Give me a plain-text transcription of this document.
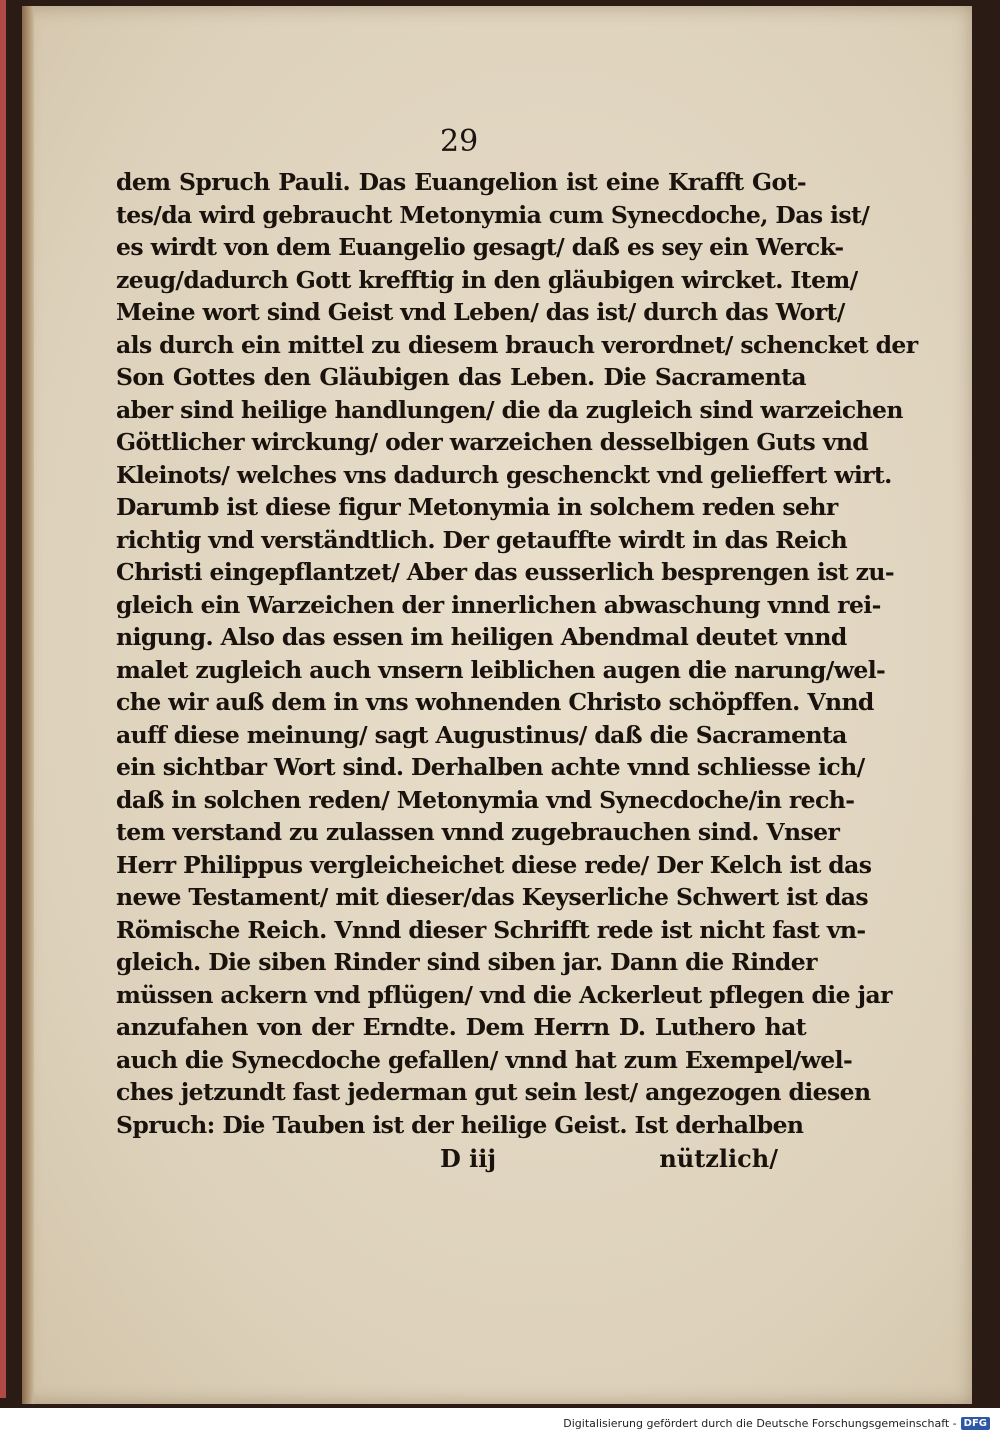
29
dem Spruch Pauli. Das Euangelion ist eine Krafft Got-
tes/da wird gebraucht Metonymia cum Synecdoche, Das ist/
es wirdt von dem Euangelio gesagt/ daß es sey ein Werck-
zeug/dadurch Gott krefftig in den gläubigen wircket. Item/
Meine wort sind Geist vnd Leben/ das ist/ durch das Wort/
als durch ein mittel zu diesem brauch verordnet/ schencket der
Son Gottes den Gläubigen das Leben. Die Sacramenta
aber sind heilige handlungen/ die da zugleich sind warzeichen
Göttlicher wirckung/ oder warzeichen desselbigen Guts vnd
Kleinots/ welches vns dadurch geschenckt vnd gelieffert wirt.
Darumb ist diese figur Metonymia in solchem reden sehr
richtig vnd verständtlich. Der getauffte wirdt in das Reich
Christi eingepflantzet/ Aber das eusserlich besprengen ist zu-
gleich ein Warzeichen der innerlichen abwaschung vnnd rei-
nigung. Also das essen im heiligen Abendmal deutet vnnd
malet zugleich auch vnsern leiblichen augen die narung/wel-
che wir auß dem in vns wohnenden Christo schöpffen. Vnnd
auff diese meinung/ sagt Augustinus/ daß die Sacramenta
ein sichtbar Wort sind. Derhalben achte vnnd schliesse ich/
daß in solchen reden/ Metonymia vnd Synecdoche/in rech-
tem verstand zu zulassen vnnd zugebrauchen sind. Vnser
Herr Philippus vergleicheichet diese rede/ Der Kelch ist das
newe Testament/ mit dieser/das Keyserliche Schwert ist das
Römische Reich. Vnnd dieser Schrifft rede ist nicht fast vn-
gleich. Die siben Rinder sind siben jar. Dann die Rinder
müssen ackern vnd pflügen/ vnd die Ackerleut pflegen die jar
anzufahen von der Erndte. Dem Herrn D. Luthero hat
auch die Synecdoche gefallen/ vnnd hat zum Exempel/wel-
ches jetzundt fast jederman gut sein lest/ angezogen diesen
Spruch: Die Tauben ist der heilige Geist. Ist derhalben
D iij	nützlich/
Digitalisierung gefördert durch die Deutsche Forschungsgemeinschaft - DFG
